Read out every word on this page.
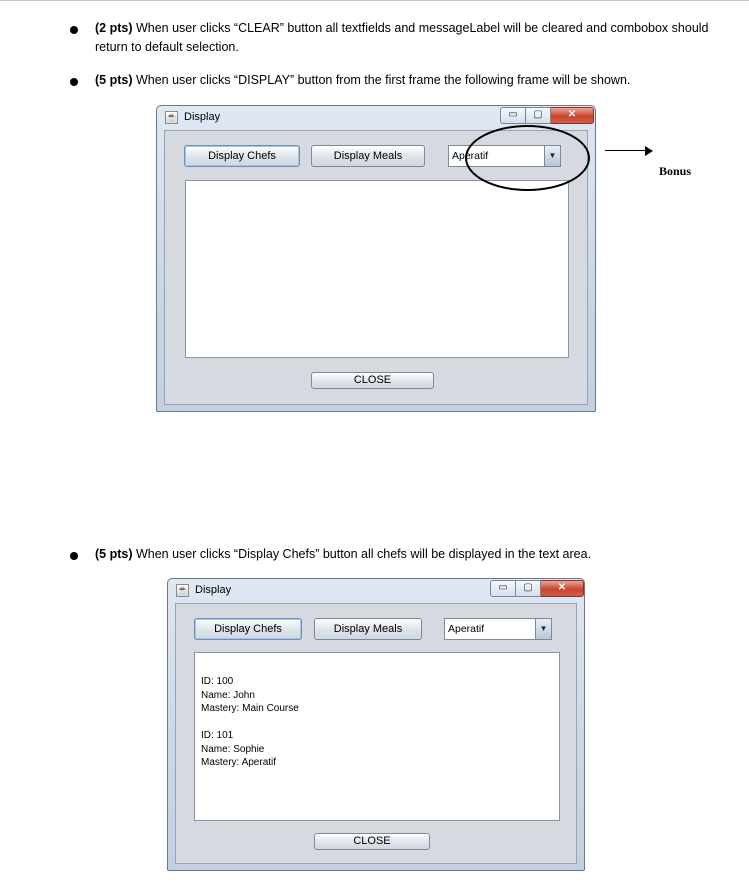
(2 pts) When user clicks “CLEAR” button all textfields and messageLabel will be cleared and combobox should
return to default selection.
(5 pts) When user clicks “DISPLAY” button from the first frame the following frame will be shown.
☕ Display	▭	▢	✕
Display Chefs	Display Meals	Aperatif	▼
CLOSE
Bonus
(5 pts) When user clicks “Display Chefs” button all chefs will be displayed in the text area.
☕ Display	▭	▢	✕
Display Chefs	Display Meals	Aperatif	▼
ID: 100
Name: John
Mastery: Main Course

ID: 101
Name: Sophie
Mastery: Aperatif
CLOSE
